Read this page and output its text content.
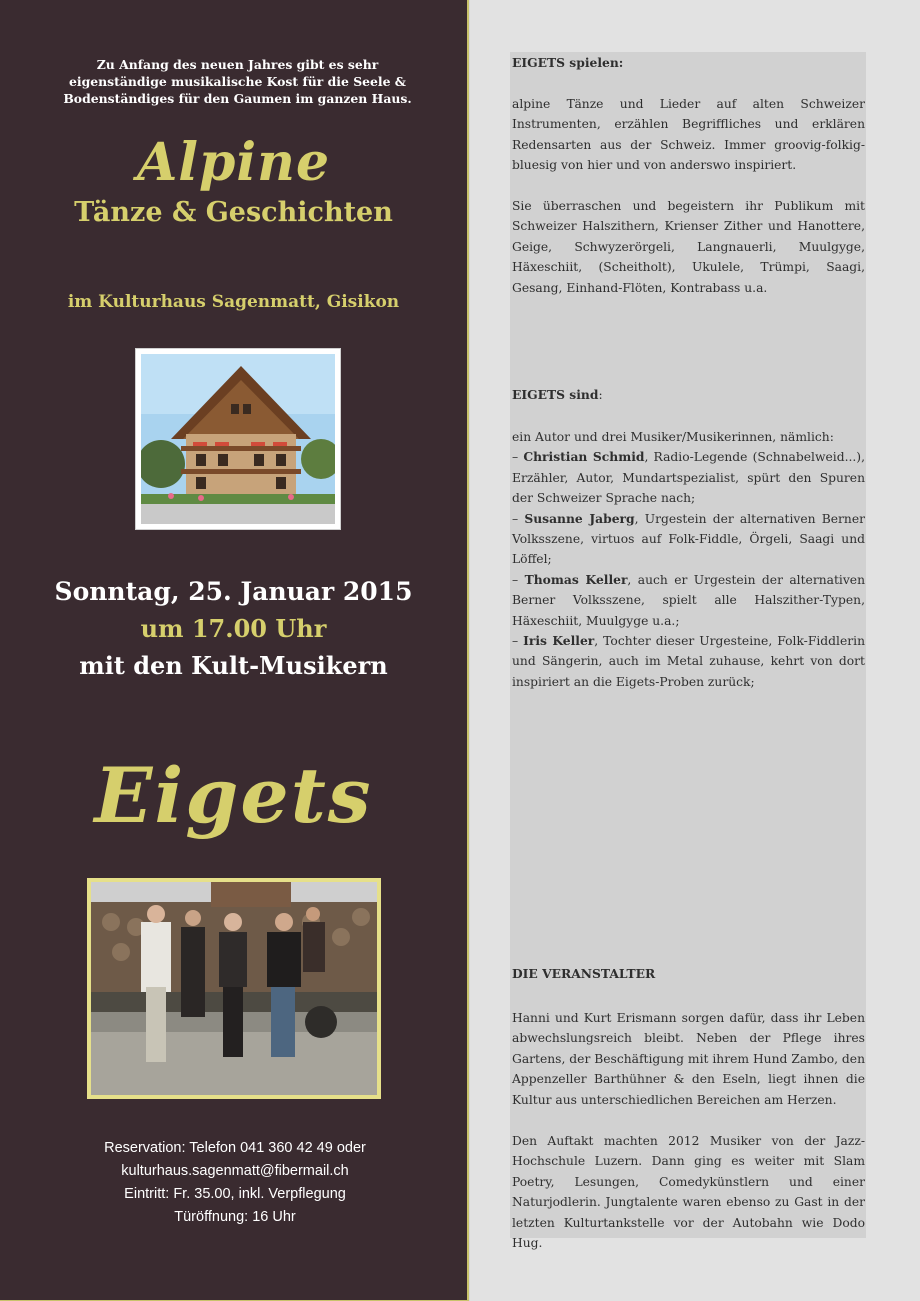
Zu Anfang des neuen Jahres gibt es sehr eigenständige musikalische Kost für die Seele & Bodenständiges für den Gaumen im ganzen Haus.
Alpine
Tänze & Geschichten
im Kulturhaus Sagenmatt, Gisikon
Sonntag, 25. Januar 2015
um 17.00 Uhr
mit den Kult-Musikern
Eigets
Reservation: Telefon 041 360 42 49 oder
kulturhaus.sagenmatt@fibermail.ch
Eintritt: Fr. 35.00, inkl. Verpflegung
Türöffnung: 16 Uhr
EIGETS spielen:
alpine Tänze und Lieder auf alten Schweizer Instrumenten, erzählen Begriffliches und erklären Redensarten aus der Schweiz. Immer groovig-folkig-bluesig von hier und von anderswo inspiriert.
Sie überraschen und begeistern ihr Publikum mit Schweizer Halszithern, Krienser Zither und Hanottere, Geige, Schwyzerörgeli, Langnauerli, Muulgyge, Häxeschiit, (Scheitholt), Ukulele, Trümpi, Saagi, Gesang, Einhand-Flöten, Kontrabass u.a.
EIGETS sind:

ein Autor und drei Musiker/Musikerinnen, nämlich:

– Christian Schmid, Radio-Legende (Schnabelweid...), Erzähler, Autor, Mundartspezialist, spürt den Spuren der Schweizer Sprache nach;

– Susanne Jaberg, Urgestein der alternativen Berner Volksszene, virtuos auf Folk-Fiddle, Örgeli, Saagi und Löffel;

– Thomas Keller, auch er Urgestein der alternativen Berner Volksszene, spielt alle Halszither-Typen, Häxeschiit, Muulgyge u.a.;

– Iris Keller, Tochter dieser Urgesteine, Folk-Fiddlerin und Sängerin, auch im Metal zuhause, kehrt von dort inspiriert an die Eigets-Proben zurück;

DIE VERANSTALTER
Hanni und Kurt Erismann sorgen dafür, dass ihr Leben abwechslungsreich bleibt. Neben der Pflege ihres Gartens, der Beschäftigung mit ihrem Hund Zambo, den Appenzeller Barthühner & den Eseln, liegt ihnen die Kultur aus unterschiedlichen Bereichen am Herzen.
Den Auftakt machten 2012 Musiker von der Jazz-Hochschule Luzern. Dann ging es weiter mit Slam Poetry, Lesungen, Comedykünstlern und einer Naturjodlerin. Jungtalente waren ebenso zu Gast in der letzten Kulturtankstelle vor der Autobahn wie Dodo Hug.
